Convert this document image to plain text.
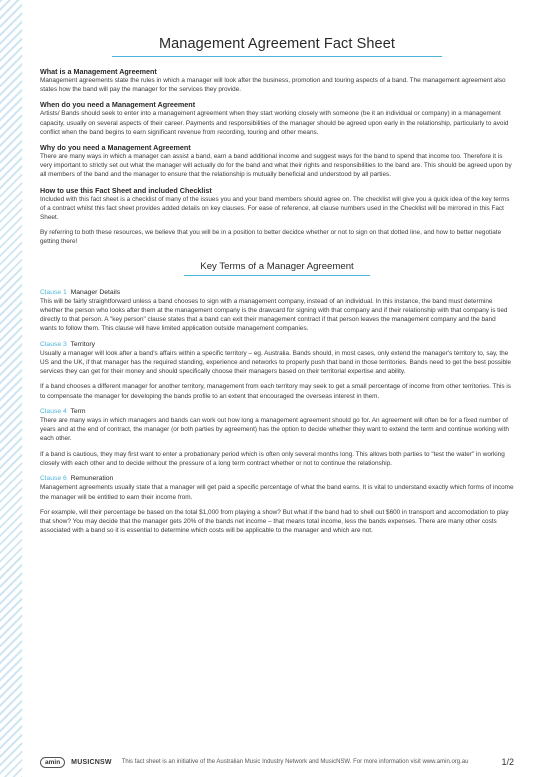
Management Agreement Fact Sheet
What is a Management Agreement

Management agreements state the rules in which a manager will look after the business, promotion and touring aspects of a band. The management agreement also states how the band will pay the manager for the services they provide.

When do you need a Management Agreement

Artists/ Bands should seek to enter into a management agreement when they start working closely with someone (be it an individual or company) in a management capacity, usually on several aspects of their career. Payments and responsibilities of the manager should be agreed upon early in the relationship, particularly to avoid conflict when the band begins to earn significant revenue from recording, touring and other means.

Why do you need a Management Agreement

There are many ways in which a manager can assist a band, earn a band additional income and suggest ways for the band to spend that income too. Therefore it is very important to strictly set out what the manager will actually do for the band and what their rights and responsibilities to the band are. This should be agreed upon by all members of the band and the manager to ensure that the relationship is mutually beneficial and understood by all parties.

How to use this Fact Sheet and included Checklist

Included with this fact sheet is a checklist of many of the issues you and your band members should agree on. The checklist will give you a quick idea of the key terms of a contract whilst this fact sheet provides added details on key clauses. For ease of reference, all clause numbers used in the Checklist will be mirrored in this Fact Sheet.

By referring to both these resources, we believe that you will be in a position to better decidce whether or not to sign on that dotted line, and how to better negotiate getting there!

Key Terms of a Manager Agreement
Clause 1 Manager Details

This will be fairly straightforward unless a band chooses to sign with a management company, instead of an individual. In this instance, the band must determine whether the person who looks after them at the management company is the drawcard for signing with that company and if their relationship with that company is tied directly to that person. A "key person" clause states that a band can exit their management contract if that person leaves the management company and the band wants to follow them. This clause will have limited application outside management companies.

Clause 3 Territory

Usually a manager will look after a band's affairs within a specific territory – eg. Australia. Bands should, in most cases, only extend the manager's territory to, say, the US and the UK, if that manager has the required standing, experience and networks to properly push that band in those territories. Bands need to get the best possible services they can get for their money and should specifically choose their managers based on their territorial expertise and ability.

If a band chooses a different manager for another territory, management from each territory may seek to get a small percentage of income from other territories. This is to compensate the manager for developing the bands profile to an extent that encouraged the overseas interest in them.

Clause 4 Term

There are many ways in which managers and bands can work out how long a management agreement should go for. An agreement will often be for a fixed number of years and at the end of contract, the manager (or both parties by agreement) has the option to decide whether they want to extend the term and continue working with each other.

If a band is cautious, they may first want to enter a probationary period which is often only several months long. This allows both parties to "test the water" in working closely with each other and to decide without the pressure of a long term contract whether or not to continue the relationship.

Clause 6 Remuneration

Management agreements usually state that a manager will get paid a specific percentage of what the band earns. It is vital to understand exactly which forms of income the manager will be entitled to earn their income from.

For example, will their percentage be based on the total $1,000 from playing a show? But what if the band had to shell out $600 in transport and accomodation to play that show? You may decide that the manager gets 20% of the bands net income – that means total income, less the bands expenses. There are many other costs associated with a band so it is essential to determine which costs will be applicable to the manager and which are not.

amin	MUSICNSW This fact sheet is an initiative of the Australian Music Industry Network and MusicNSW. For more information visit www.amin.org.au	1/2
